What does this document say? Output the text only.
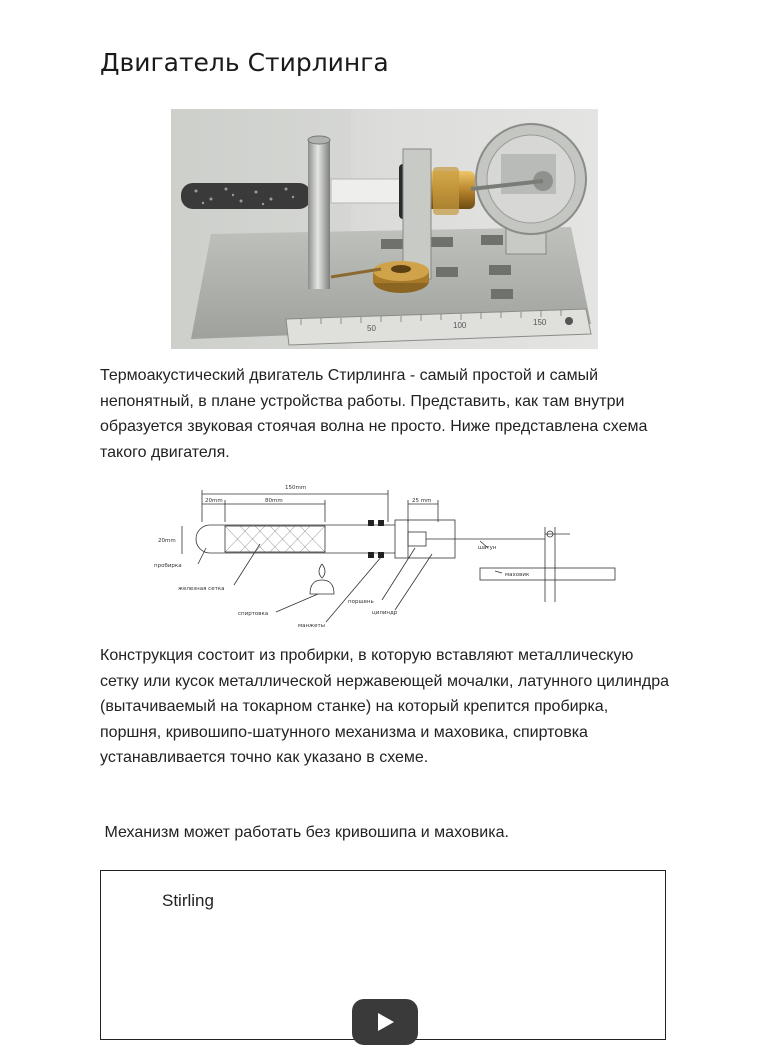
Двигатель Стирлинга
50	100	150

Термоакустический двигатель Стирлинга - самый простой и самый непонятный, в плане устройства работы. Представить, как там внутри образуется звуковая стоячая волна не просто. Ниже представлена схема такого двигателя.

150mm
20mm	80mm	25 mm
20mm
пробирка
железная сетка
спиртовка
манжеты
поршень
цилиндр
шатун
маховик

Конструкция состоит из пробирки, в которую вставляют металлическую сетку или кусок металлической нержавеющей мочалки, латунного цилиндра (вытачиваемый на токарном станке) на который крепится пробирка, поршня, кривошипо-шатунного механизма и маховика, спиртовка устанавливается точно как указано в схеме.

Механизм может работать без кривошипа и маховика.

Stirling
